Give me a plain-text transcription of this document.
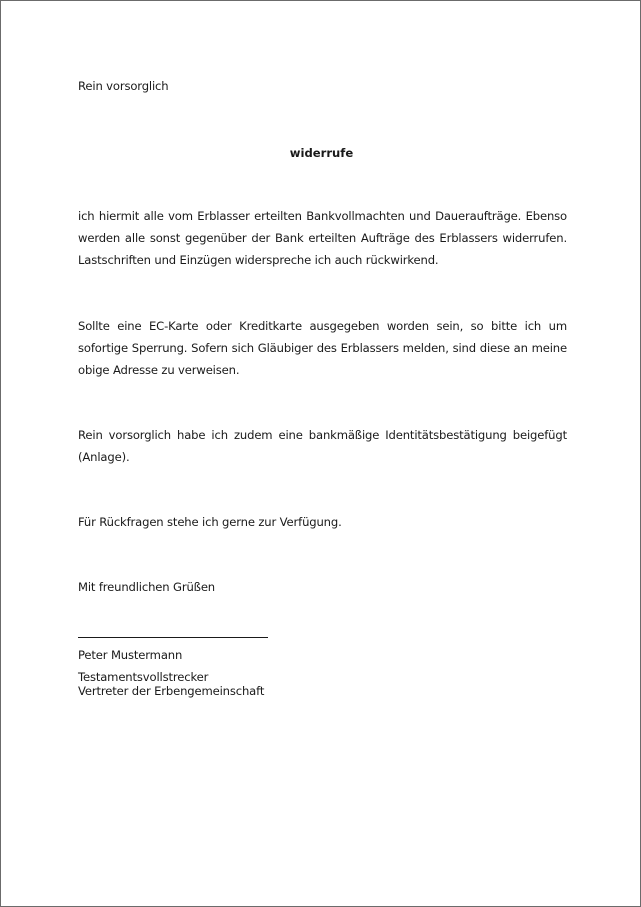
Rein vorsorglich
widerrufe
ich hiermit alle vom Erblasser erteilten Bankvollmachten und Daueraufträge. Ebenso werden alle sonst gegenüber der Bank erteilten Aufträge des Erblassers widerrufen. Lastschriften und Einzügen widerspreche ich auch rückwirkend.
Sollte eine EC-Karte oder Kreditkarte ausgegeben worden sein, so bitte ich um sofortige Sperrung. Sofern sich Gläubiger des Erblassers melden, sind diese an meine obige Adresse zu verweisen.
Rein vorsorglich habe ich zudem eine bankmäßige Identitätsbestätigung beigefügt (Anlage).
Für Rückfragen stehe ich gerne zur Verfügung.
Mit freundlichen Grüßen
Peter Mustermann
Testamentsvollstrecker
Vertreter der Erbengemeinschaft
